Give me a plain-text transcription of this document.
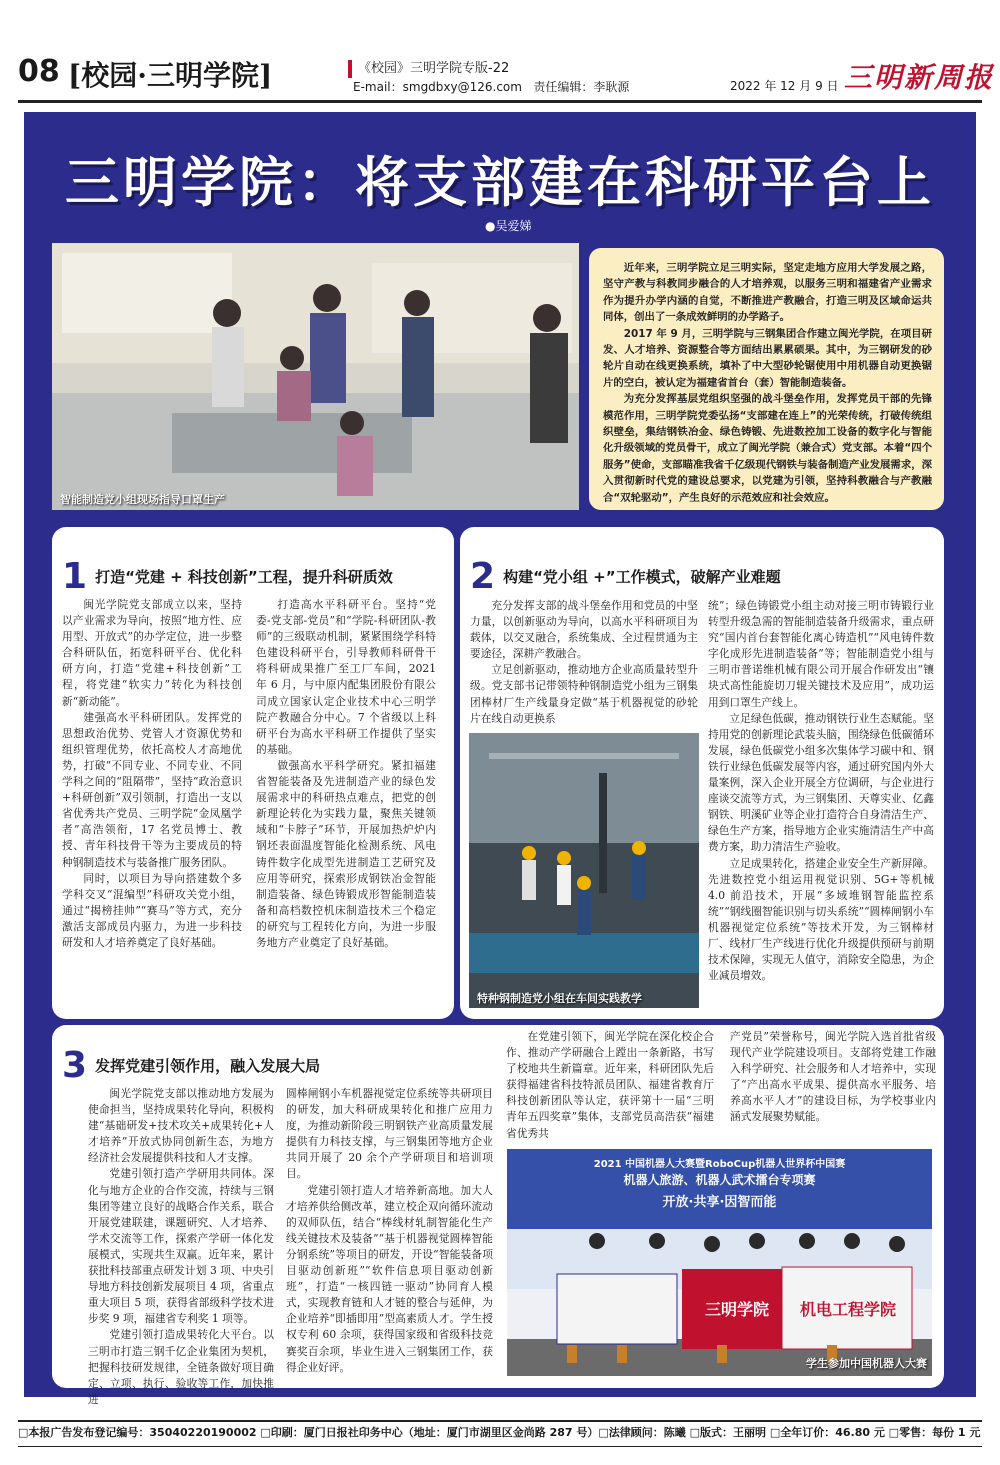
08 [校园·三明学院]	《校园》三明学院专版-22
E-mail：smgdbxy@126.com 责任编辑：李耿源	2022 年 12 月 9 日 三明新周报
三明学院：将支部建在科研平台上
●吴爱娣
智能制造党小组现场指导口罩生产

近年来，三明学院立足三明实际，坚定走地方应用大学发展之路，坚守产教与科教同步融合的人才培养观，以服务三明和福建省产业需求作为提升办学内涵的自觉，不断推进产教融合，打造三明及区域命运共同体，创出了一条成效鲜明的办学路子。

2017 年 9 月，三明学院与三钢集团合作建立闽光学院，在项目研发、人才培养、资源整合等方面结出累累硕果。其中，为三钢研发的砂轮片自动在线更换系统，填补了中大型砂轮锯使用中用机器自动更换锯片的空白，被认定为福建省首台（套）智能制造装备。

为充分发挥基层党组织坚强的战斗堡垒作用，发挥党员干部的先锋模范作用，三明学院党委弘扬“支部建在连上”的光荣传统，打破传统组织壁垒，集结钢铁冶金、绿色铸锻、先进数控加工设备的数字化与智能化升级领域的党员骨干，成立了闽光学院（兼合式）党支部。本着“四个服务”使命，支部瞄准我省千亿级现代钢铁与装备制造产业发展需求，深入贯彻新时代党的建设总要求，以党建为引领，坚持科教融合与产教融合“双轮驱动”，产生良好的示范效应和社会效应。

1 打造“党建 + 科技创新”工程，提升科研质效

闽光学院党支部成立以来，坚持以产业需求为导向，按照“地方性、应用型、开放式”的办学定位，进一步整合科研队伍，拓宽科研平台、优化科研方向，打造“党建+科技创新”工程，将党建“软实力”转化为科技创新“新动能”。

建强高水平科研团队。发挥党的思想政治优势、党管人才资源优势和组织管理优势，依托高校人才高地优势，打破“不同专业、不同专业、不同学科之间的“阻隔带”，坚持“政治意识+科研创新”双引领制，打造出一支以省优秀共产党员、三明学院“金凤凰学者”高浩领衔，17 名党员博士、教授、青年科技骨干等为主要成员的特种钢制造技术与装备推广服务团队。

同时，以项目为导向搭建数个多学科交叉“混编型”科研攻关党小组，通过“揭榜挂帅”“赛马”等方式，充分激活支部成员内驱力，为进一步科技研发和人才培养奠定了良好基础。

打造高水平科研平台。坚持“党委-党支部-党员”和“学院-科研团队-教师”的三级联动机制，紧紧围绕学科特色建设科研平台，引导教师科研骨干将科研成果推广至工厂车间，2021 年 6 月，与中原内配集团股份有限公司成立国家认定企业技术中心三明学院产教融合分中心。7 个省级以上科研平台为高水平科研工作提供了坚实的基础。

做强高水平科学研究。紧扣福建省智能装备及先进制造产业的绿色发展需求中的科研热点难点，把党的创新理论转化为实践力量，聚焦关键领域和“卡脖子”环节，开展加热炉炉内钢坯表面温度智能化检测系统、风电铸件数字化成型先进制造工艺研究及应用等研究，探索形成钢铁冶金智能制造装备、绿色铸锻成形智能制造装备和高档数控机床制造技术三个稳定的研究与工程转化方向，为进一步服务地方产业奠定了良好基础。

2 构建“党小组 +”工作模式，破解产业难题

充分发挥支部的战斗堡垒作用和党员的中坚力量，以创新驱动为导向，以高水平科研项目为载体，以交叉融合，系统集成、全过程贯通为主要途径，深耕产教融合。

立足创新驱动，推动地方企业高质量转型升级。党支部书记带领特种钢制造党小组为三钢集团棒材厂生产线量身定做“基于机器视觉的砂轮片在线自动更换系

特种钢制造党小组在车间实践教学

统”；绿色铸锻党小组主动对接三明市铸锻行业转型升级急需的智能制造装备升级需求，重点研究“国内首台套智能化离心铸造机”“风电铸件数字化成形先进制造装备”等；智能制造党小组与三明市普诺维机械有限公司开展合作研发出“镶块式高性能旋切刀辊关键技术及应用”，成功运用到口罩生产线上。

立足绿色低碳，推动钢铁行业生态赋能。坚持用党的创新理论武装头脑，围绕绿色低碳循环发展，绿色低碳党小组多次集体学习碳中和、钢铁行业绿色低碳发展等内容，通过研究国内外大量案例，深入企业开展全方位调研，与企业进行座谈交流等方式，为三钢集团、天尊实业、亿鑫钢铁、明溪矿业等企业打造符合自身清洁生产、绿色生产方案，指导地方企业实施清洁生产中高费方案，助力清洁生产验收。

立足成果转化，搭建企业安全生产新屏障。先进数控党小组运用视觉识别、5G+等机械 4.0 前沿技术，开展“多域堆钢智能监控系统”“钢线圈智能识别与切头系统”“圆棒闸钢小车机器视觉定位系统”等技术开发，为三钢棒材厂、线材厂生产线进行优化升级提供预研与前期技术保障，实现无人值守，消除安全隐患，为企业减员增效。

3 发挥党建引领作用，融入发展大局

闽光学院党支部以推动地方发展为使命担当，坚持成果转化导向，积极构建“基础研发+技术攻关+成果转化+人才培养”开放式协同创新生态，为地方经济社会发展提供科技和人才支撑。

党建引领打造产学研用共同体。深化与地方企业的合作交流，持续与三钢集团等建立良好的战略合作关系，联合开展党建联建，课题研究、人才培养、学术交流等工作，探索产学研一体化发展模式，实现共生双赢。近年来，累计获批科技部重点研发计划 3 项、中央引导地方科技创新发展项目 4 项，省重点重大项目 5 项，获得省部级科学技术进步奖 9 项，福建省专利奖 1 项等。

党建引领打造成果转化大平台。以三明市打造三钢千亿企业集团为契机，把握科技研发规律，全链条做好项目确定、立项、执行、验收等工作，加快推进

圆棒闸钢小车机器视觉定位系统等共研项目的研发，加大科研成果转化和推广应用力度，为推动新阶段三明钢铁产业高质量发展提供有力科技支撑，与三钢集团等地方企业共同开展了 20 余个产学研项目和培训项目。

党建引领打造人才培养新高地。加大人才培养供给侧改革，建立校企双向循环流动的双师队伍，结合“棒线材轧制智能化生产线关键技术及装备”“基于机器视觉圆棒智能分钢系统”等项目的研发，开设“智能装备项目驱动创新班”“软件信息项目驱动创新班”，打造“一核四链一驱动”协同育人模式，实现教育链和人才链的整合与延伸，为企业培养“即插即用”型高素质人才。学生授权专利 60 余项，获得国家级和省级科技竞赛奖百余项，毕业生进入三钢集团工作，获得企业好评。

在党建引领下，闽光学院在深化校企合作、推动产学研融合上蹚出一条新路，书写了校地共生新篇章。近年来，科研团队先后获得福建省科技特派员团队、福建省教育厅科技创新团队等认定，获评第十一届“三明青年五四奖章”集体，支部党员高浩获“福建省优秀共

产党员”荣誉称号，闽光学院入选首批省级现代产业学院建设项目。支部将党建工作融入科学研究、社会服务和人才培养中，实现了“产出高水平成果、提供高水平服务、培养高水平人才”的建设目标，为学校事业内涵式发展聚势赋能。

2021 中国机器人大赛暨RoboCup机器人世界杯中国赛
机器人旅游、机器人武术擂台专项赛
开放·共享·因智而能
三明学院	机电工程学院
学生参加中国机器人大赛
□本报广告发布登记编号：35040220190002 □印刷：厦门日报社印务中心（地址：厦门市湖里区金尚路 287 号）□法律顾问：陈曦 □版式：王丽明 □全年订价：46.80 元 □零售：每份 1 元
